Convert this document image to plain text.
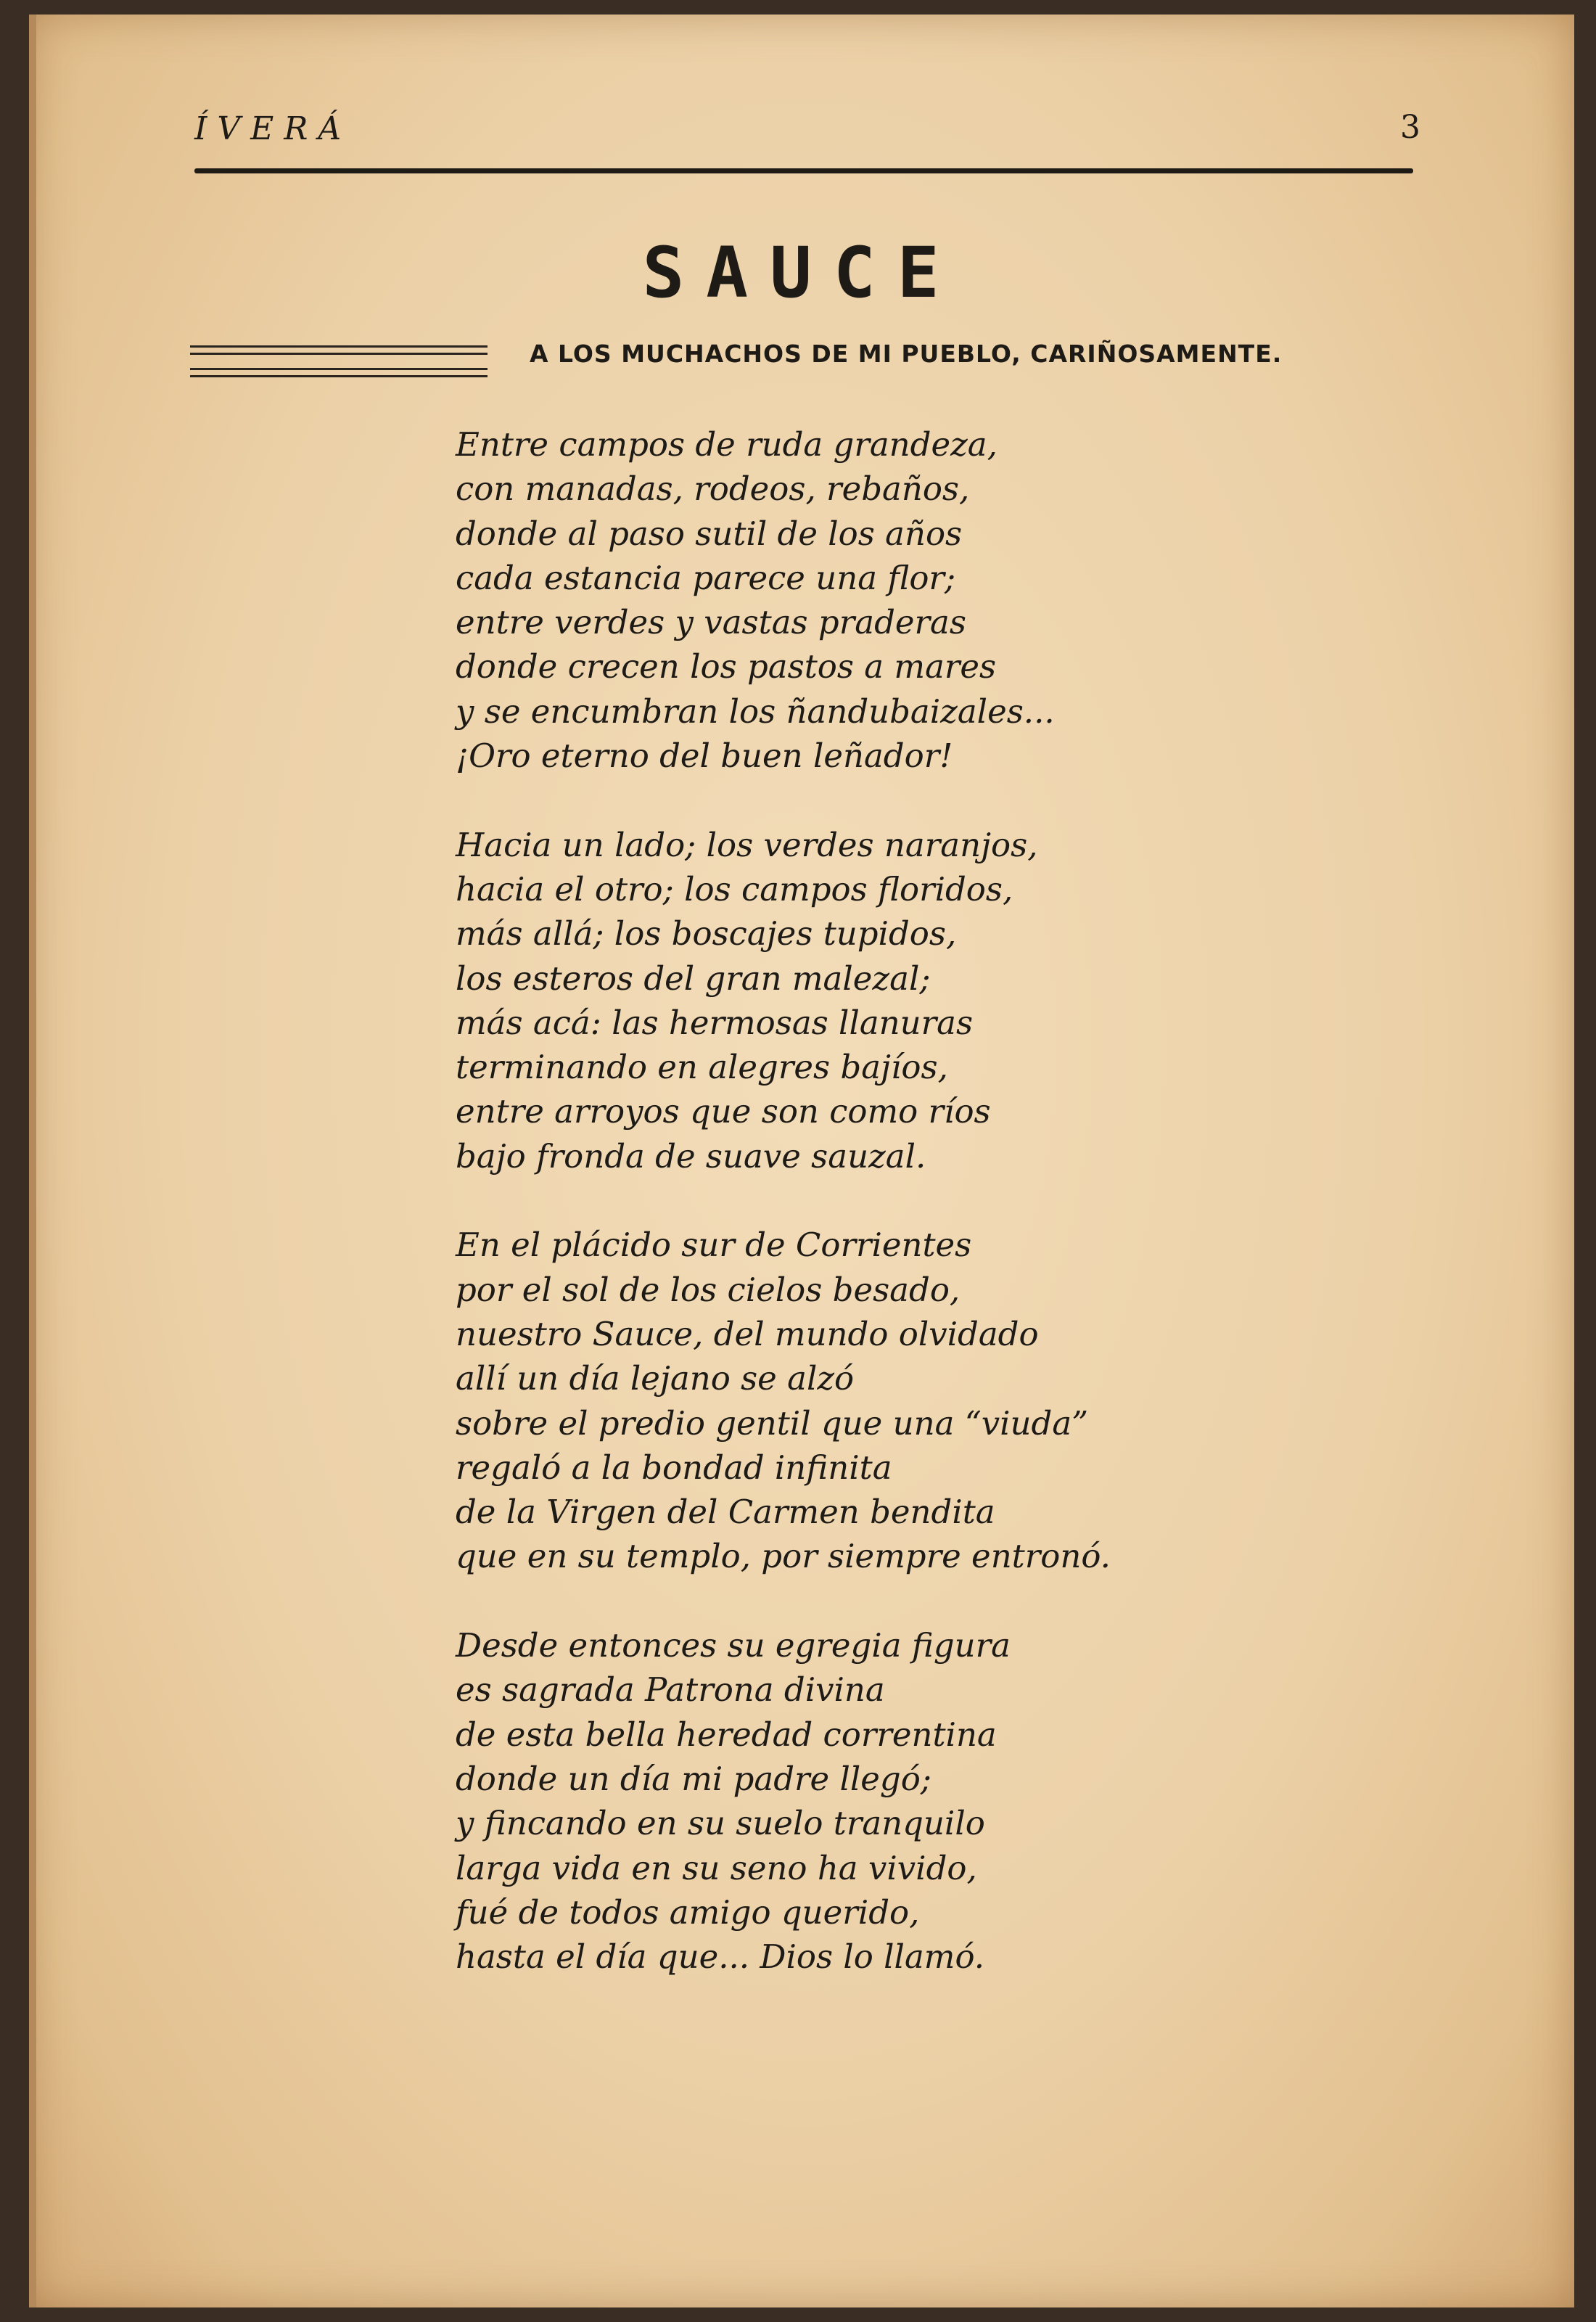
ÍVERÁ	3
SAUCE
A LOS MUCHACHOS DE MI PUEBLO, CARIÑOSAMENTE.
Entre campos de ruda grandeza,
con manadas, rodeos, rebaños,
donde al paso sutil de los años
cada estancia parece una flor;
entre verdes y vastas praderas
donde crecen los pastos a mares
y se encumbran los ñandubaizales...
¡Oro eterno del buen leñador!
Hacia un lado; los verdes naranjos,
hacia el otro; los campos floridos,
más allá; los boscajes tupidos,
los esteros del gran malezal;
más acá: las hermosas llanuras
terminando en alegres bajíos,
entre arroyos que son como ríos
bajo fronda de suave sauzal.
En el plácido sur de Corrientes
por el sol de los cielos besado,
nuestro Sauce, del mundo olvidado
allí un día lejano se alzó
sobre el predio gentil que una “viuda”
regaló a la bondad infinita
de la Virgen del Carmen bendita
que en su templo, por siempre entronó.
Desde entonces su egregia figura
es sagrada Patrona divina
de esta bella heredad correntina
donde un día mi padre llegó;
y fincando en su suelo tranquilo
larga vida en su seno ha vivido,
fué de todos amigo querido,
hasta el día que... Dios lo llamó.
